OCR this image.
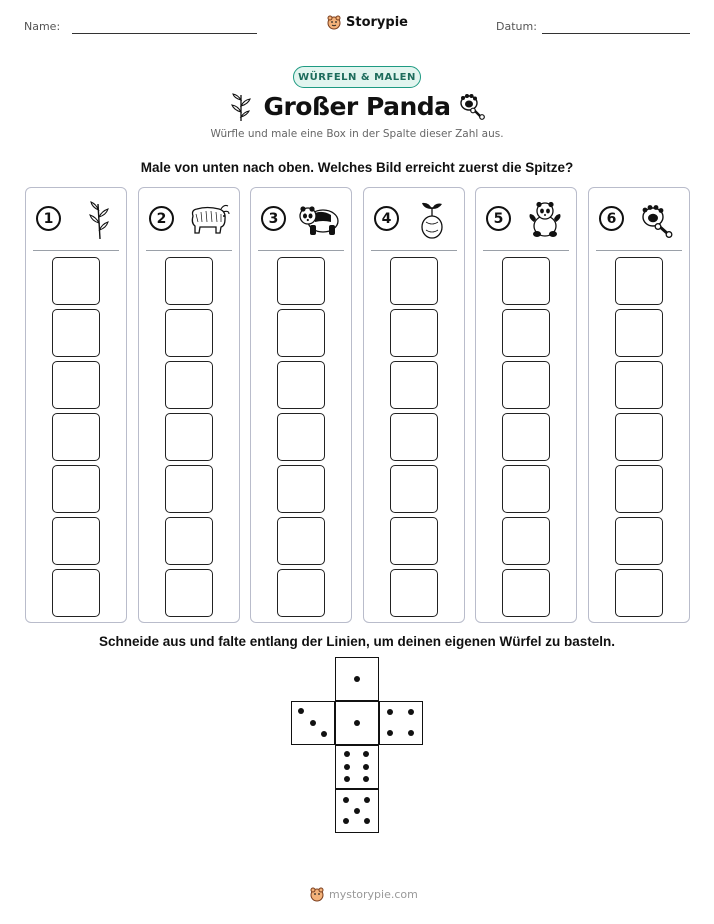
Name:	Storypie	Datum:
WÜRFELN & MALEN
Großer Panda
Würfle und male eine Box in der Spalte dieser Zahl aus.
Male von unten nach oben. Welches Bild erreicht zuerst die Spitze?
1	2	3	4	5	6
Schneide aus und falte entlang der Linien, um deinen eigenen Würfel zu basteln.
mystorypie.com
